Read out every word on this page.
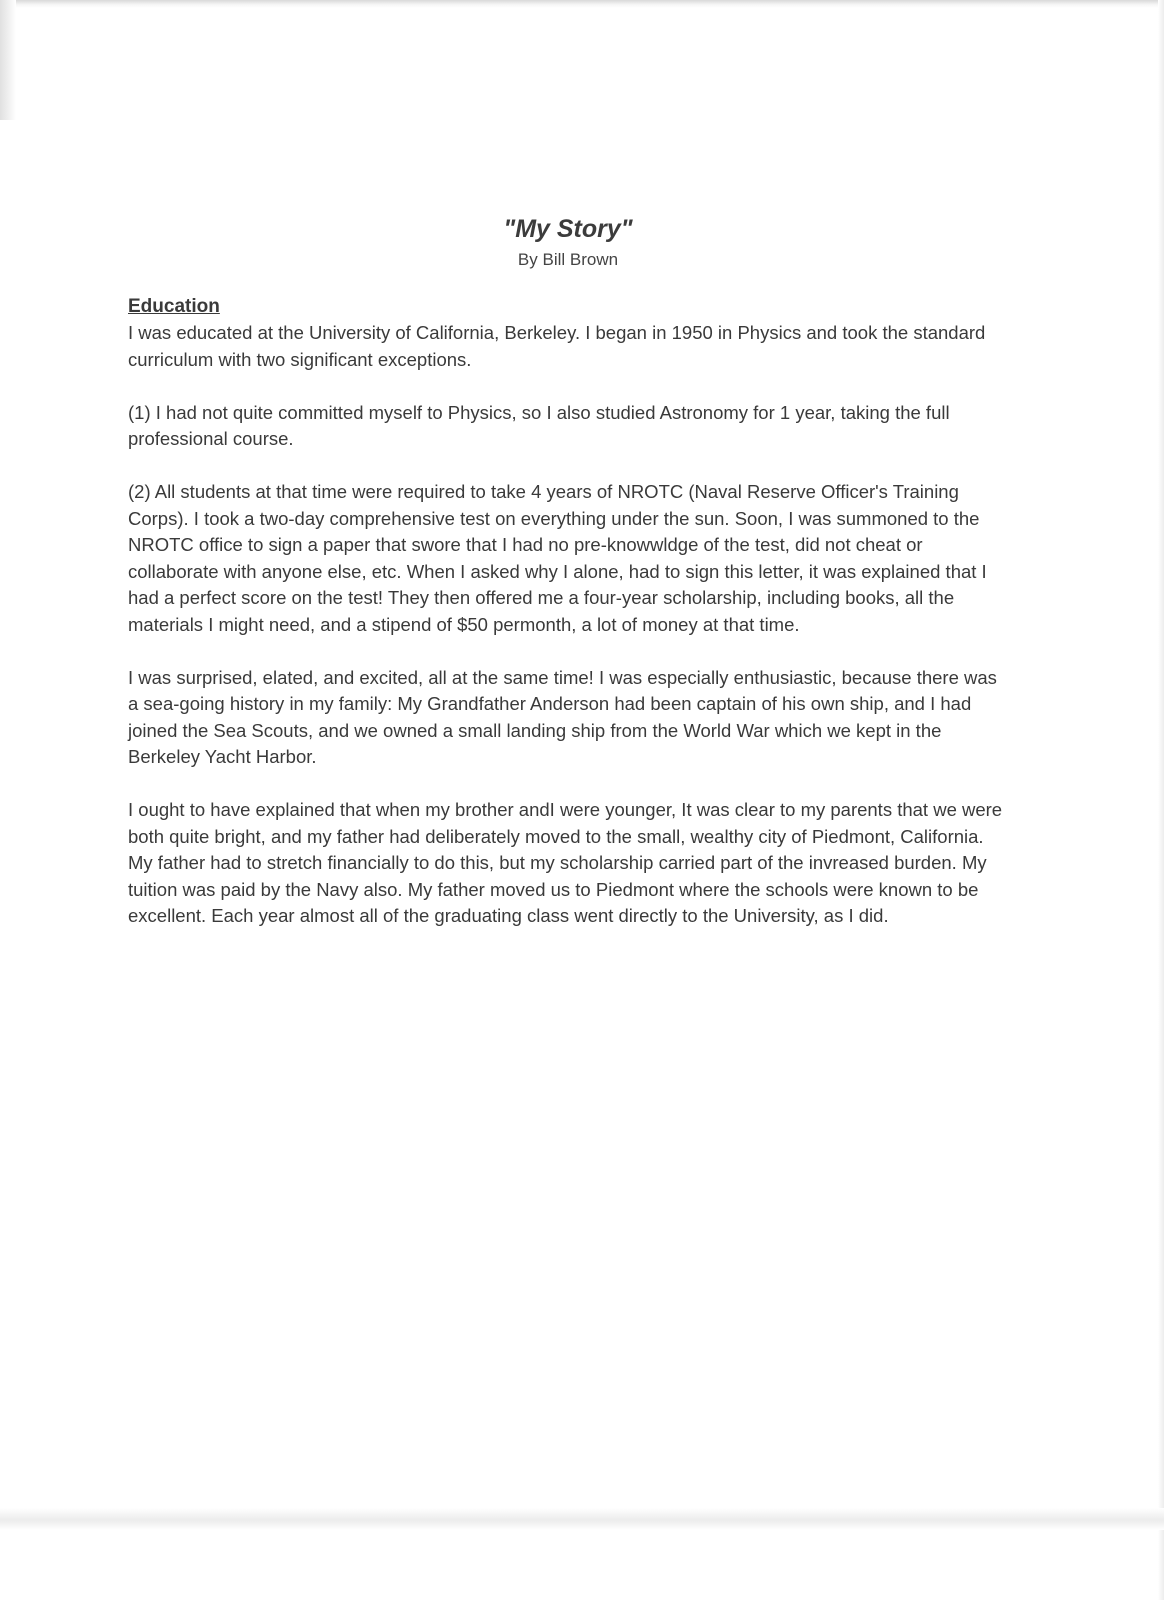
"My Story"

By Bill Brown

Education

I was educated at the University of California, Berkeley. I began in 1950 in Physics and took the standard curriculum with two significant exceptions.

(1) I had not quite committed myself to Physics, so I also studied Astronomy for 1 year, taking the full professional course.

(2) All students at that time were required to take 4 years of NROTC (Naval Reserve Officer's Training Corps). I took a two-day comprehensive test on everything under the sun. Soon, I was summoned to the NROTC office to sign a paper that swore that I had no pre-knowwldge of the test, did not cheat or collaborate with anyone else, etc. When I asked why I alone, had to sign this letter, it was explained that I had a perfect score on the test! They then offered me a four-year scholarship, including books, all the materials I might need, and a stipend of $50 permonth, a lot of money at that time.

I was surprised, elated, and excited, all at the same time! I was especially enthusiastic, because there was a sea-going history in my family: My Grandfather Anderson had been captain of his own ship, and I had joined the Sea Scouts, and we owned a small landing ship from the World War which we kept in the Berkeley Yacht Harbor.

I ought to have explained that when my brother andI were younger, It was clear to my parents that we were both quite bright, and my father had deliberately moved to the small, wealthy city of Piedmont, California. My father had to stretch financially to do this, but my scholarship carried part of the invreased burden. My tuition was paid by the Navy also. My father moved us to Piedmont where the schools were known to be excellent. Each year almost all of the graduating class went directly to the University, as I did.
